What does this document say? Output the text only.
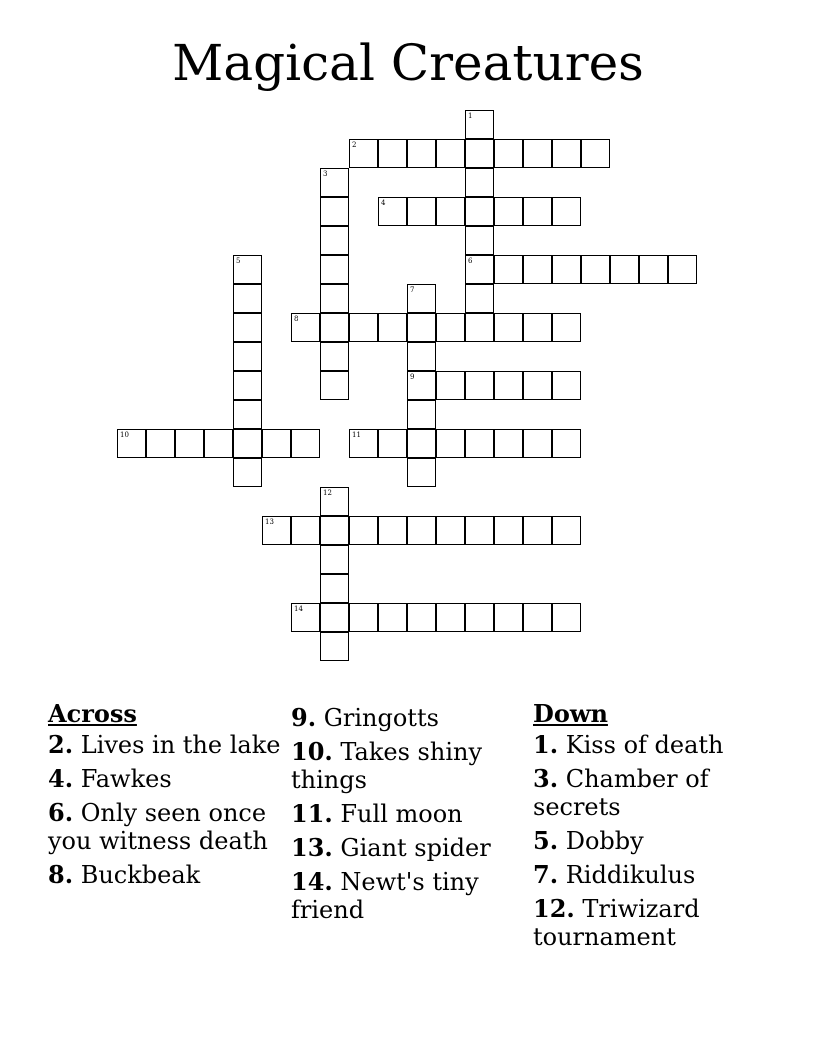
Magical Creatures
1
6
2
3
4
5
7
9
8
10	11
12
13
14
Across
2. Lives in the lake
4. Fawkes
6. Only seen once you witness death
8. Buckbeak
9. Gringotts
10. Takes shiny things
11. Full moon
13. Giant spider
14. Newt's tiny friend
Down
1. Kiss of death
3. Chamber of secrets
5. Dobby
7. Riddikulus
12. Triwizard tournament
